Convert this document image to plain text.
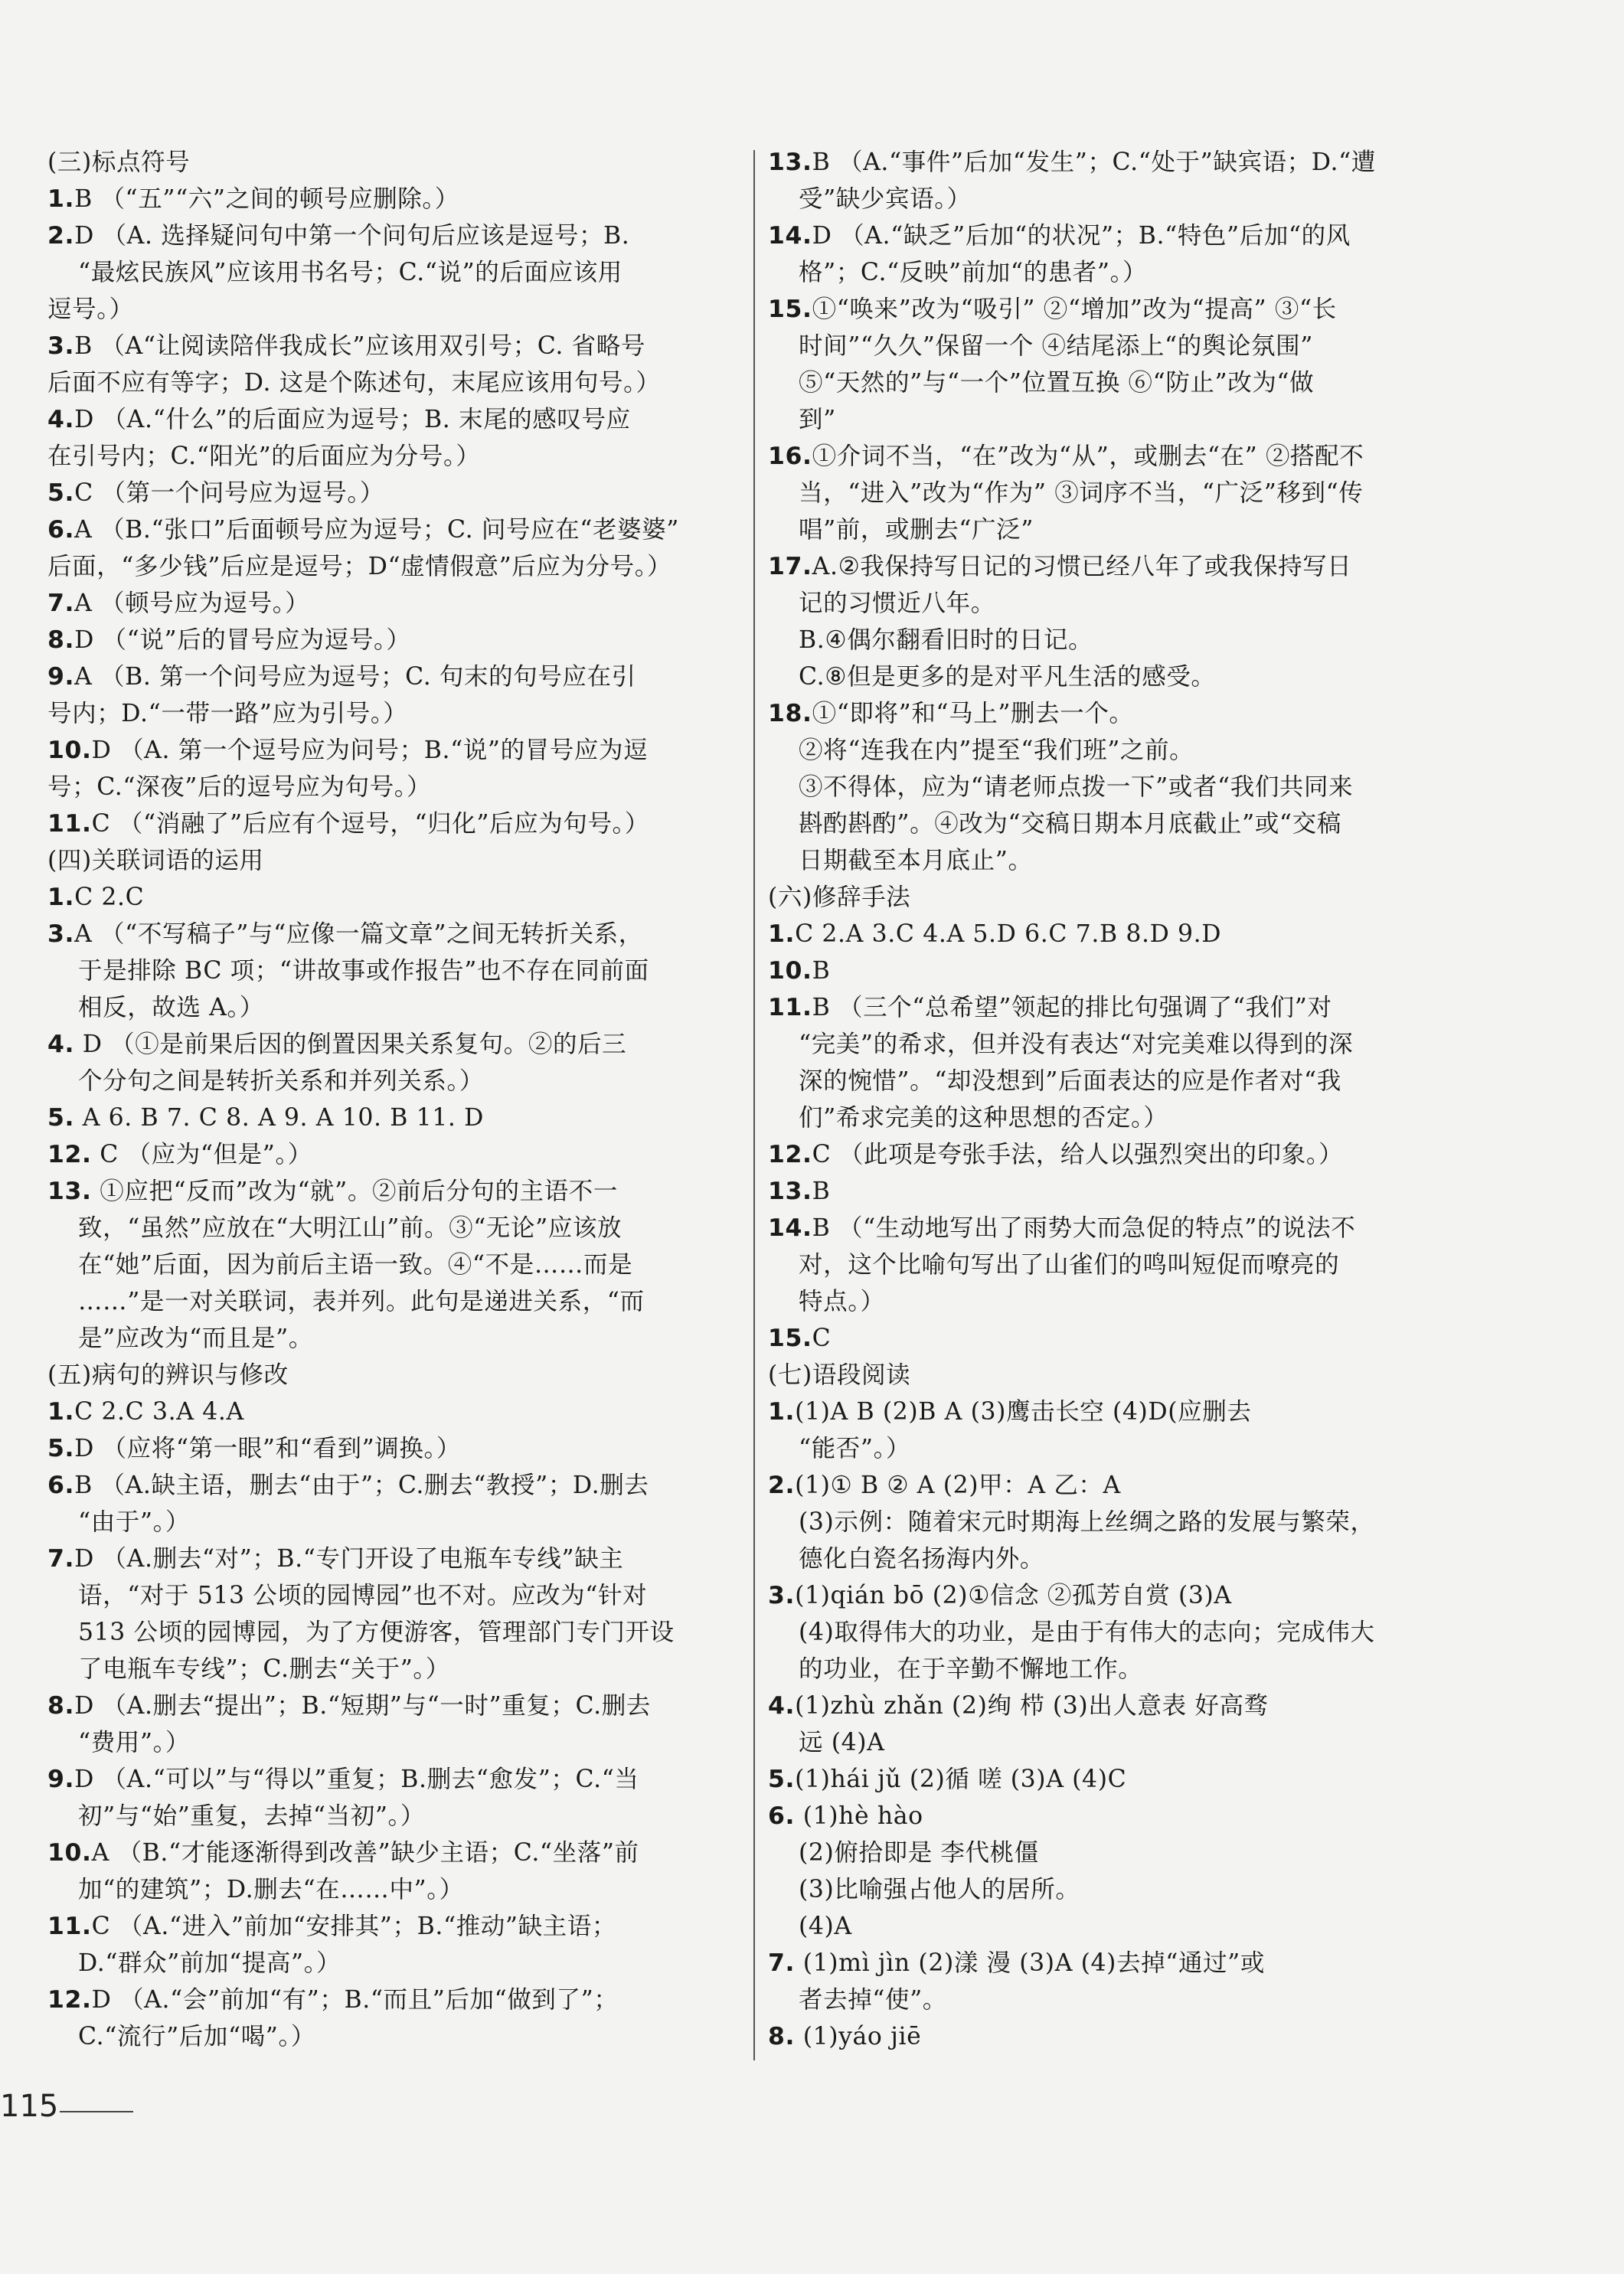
(三)标点符号
1.B （“五”“六”之间的顿号应删除。）
2.D （A. 选择疑问句中第一个问句后应该是逗号；B.
“最炫民族风”应该用书名号；C.“说”的后面应该用
逗号。）
3.B （A“让阅读陪伴我成长”应该用双引号；C. 省略号
后面不应有等字；D. 这是个陈述句，末尾应该用句号。）
4.D （A.“什么”的后面应为逗号；B. 末尾的感叹号应
在引号内；C.“阳光”的后面应为分号。）
5.C （第一个问号应为逗号。）
6.A （B.“张口”后面顿号应为逗号；C. 问号应在“老婆婆”
后面，“多少钱”后应是逗号；D“虚情假意”后应为分号。）
7.A （顿号应为逗号。）
8.D （“说”后的冒号应为逗号。）
9.A （B. 第一个问号应为逗号；C. 句末的句号应在引
号内；D.“一带一路”应为引号。）
10.D （A. 第一个逗号应为问号；B.“说”的冒号应为逗
号；C.“深夜”后的逗号应为句号。）
11.C （“消融了”后应有个逗号，“归化”后应为句号。）
(四)关联词语的运用
1.C 2.C
3.A （“不写稿子”与“应像一篇文章”之间无转折关系，
于是排除 BC 项；“讲故事或作报告”也不存在同前面
相反，故选 A。）
4. D （①是前果后因的倒置因果关系复句。②的后三
个分句之间是转折关系和并列关系。）
5. A 6. B 7. C 8. A 9. A 10. B 11. D
12. C （应为“但是”。）
13. ①应把“反而”改为“就”。②前后分句的主语不一
致，“虽然”应放在“大明江山”前。③“无论”应该放
在“她”后面，因为前后主语一致。④“不是……而是
……”是一对关联词，表并列。此句是递进关系，“而
是”应改为“而且是”。
(五)病句的辨识与修改
1.C 2.C 3.A 4.A
5.D （应将“第一眼”和“看到”调换。）
6.B （A.缺主语，删去“由于”；C.删去“教授”；D.删去
“由于”。）
7.D （A.删去“对”；B.“专门开设了电瓶车专线”缺主
语，“对于 513 公顷的园博园”也不对。应改为“针对
513 公顷的园博园，为了方便游客，管理部门专门开设
了电瓶车专线”；C.删去“关于”。）
8.D （A.删去“提出”；B.“短期”与“一时”重复；C.删去
“费用”。）
9.D （A.“可以”与“得以”重复；B.删去“愈发”；C.“当
初”与“始”重复，去掉“当初”。）
10.A （B.“才能逐渐得到改善”缺少主语；C.“坐落”前
加“的建筑”；D.删去“在……中”。）
11.C （A.“进入”前加“安排其”；B.“推动”缺主语；
D.“群众”前加“提高”。）
12.D （A.“会”前加“有”；B.“而且”后加“做到了”；
C.“流行”后加“喝”。）
13.B （A.“事件”后加“发生”；C.“处于”缺宾语；D.“遭
受”缺少宾语。）
14.D （A.“缺乏”后加“的状况”；B.“特色”后加“的风
格”；C.“反映”前加“的患者”。）
15.①“唤来”改为“吸引” ②“增加”改为“提高” ③“长
时间”“久久”保留一个 ④结尾添上“的舆论氛围”
⑤“天然的”与“一个”位置互换 ⑥“防止”改为“做
到”
16.①介词不当，“在”改为“从”，或删去“在” ②搭配不
当，“进入”改为“作为” ③词序不当，“广泛”移到“传
唱”前，或删去“广泛”
17.A.②我保持写日记的习惯已经八年了或我保持写日
记的习惯近八年。
B.④偶尔翻看旧时的日记。
C.⑧但是更多的是对平凡生活的感受。
18.①“即将”和“马上”删去一个。
②将“连我在内”提至“我们班”之前。
③不得体，应为“请老师点拨一下”或者“我们共同来
斟酌斟酌”。④改为“交稿日期本月底截止”或“交稿
日期截至本月底止”。
(六)修辞手法
1.C 2.A 3.C 4.A 5.D 6.C 7.B 8.D 9.D
10.B
11.B （三个“总希望”领起的排比句强调了“我们”对
“完美”的希求，但并没有表达“对完美难以得到的深
深的惋惜”。“却没想到”后面表达的应是作者对“我
们”希求完美的这种思想的否定。）
12.C （此项是夸张手法，给人以强烈突出的印象。）
13.B
14.B （“生动地写出了雨势大而急促的特点”的说法不
对，这个比喻句写出了山雀们的鸣叫短促而嘹亮的
特点。）
15.C
(七)语段阅读
1.(1)A B (2)B A (3)鹰击长空 (4)D(应删去
“能否”。）
2.(1)① B ② A (2)甲：A 乙：A
(3)示例：随着宋元时期海上丝绸之路的发展与繁荣，
德化白瓷名扬海内外。
3.(1)qián bō (2)①信念 ②孤芳自赏 (3)A
(4)取得伟大的功业，是由于有伟大的志向；完成伟大
的功业，在于辛勤不懈地工作。
4.(1)zhù zhǎn (2)绚 栉 (3)出人意表 好高骛
远 (4)A
5.(1)hái jǔ (2)循 嗟 (3)A (4)C
6. (1)hè hào
(2)俯拾即是 李代桃僵
(3)比喻强占他人的居所。
(4)A
7. (1)mì jìn (2)漾 漫 (3)A (4)去掉“通过”或
者去掉“使”。
8. (1)yáo jiē
115
